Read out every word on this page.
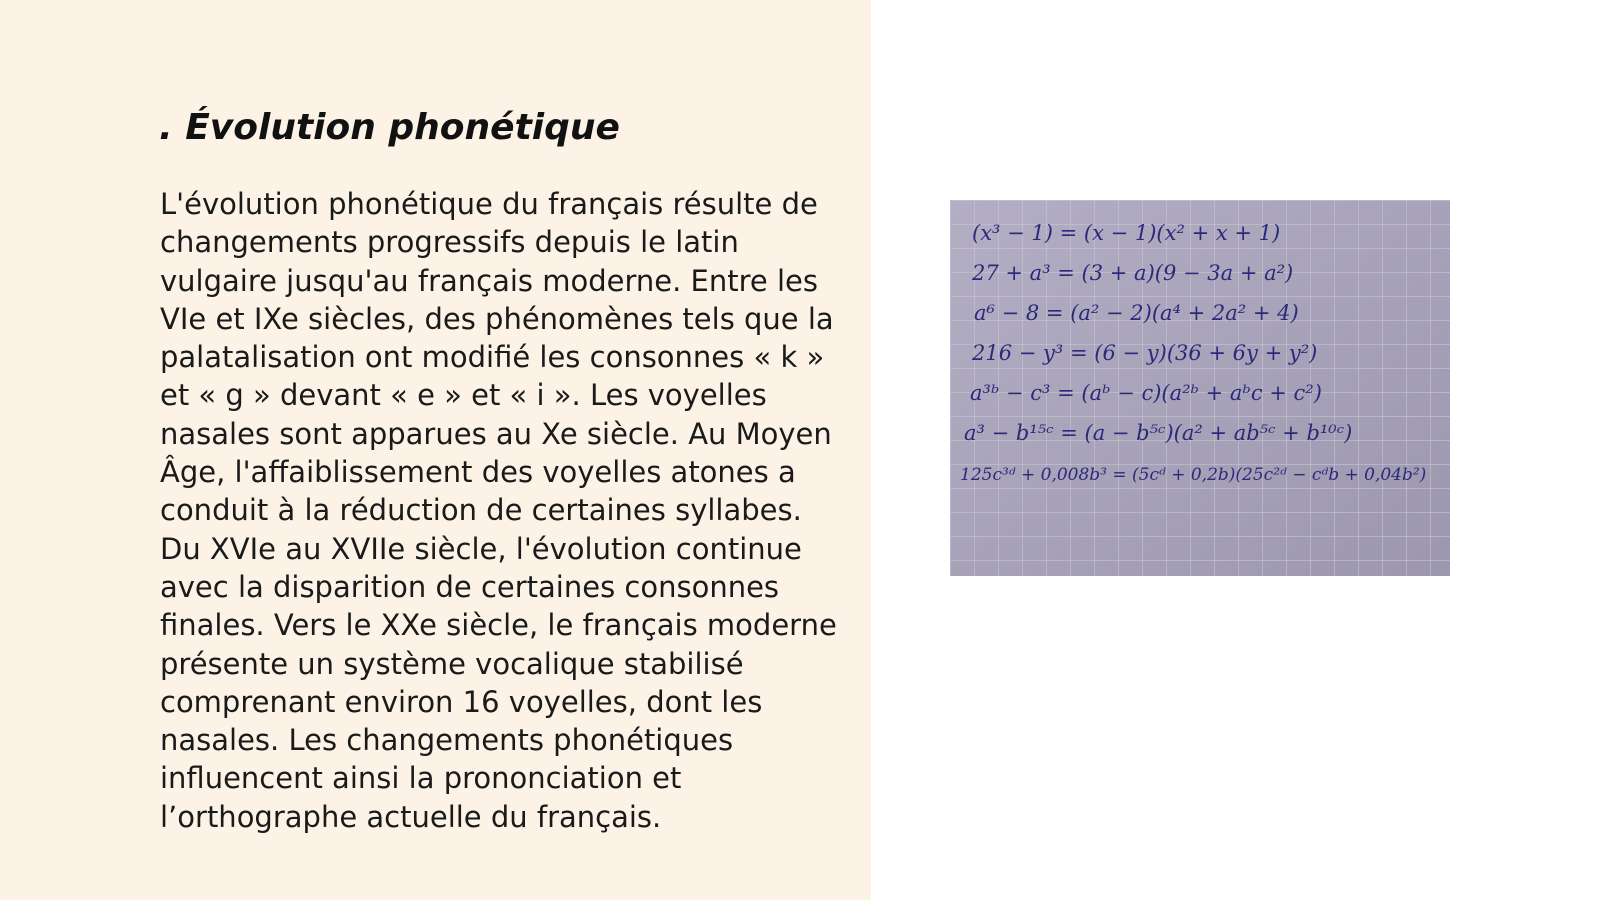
. Évolution phonétique

L'évolution phonétique du français résulte de changements progressifs depuis le latin vulgaire jusqu'au français moderne. Entre les VIe et IXe siècles, des phénomènes tels que la palatalisation ont modifié les consonnes « k » et « g » devant « e » et « i ». Les voyelles nasales sont apparues au Xe siècle. Au Moyen Âge, l'affaiblissement des voyelles atones a conduit à la réduction de certaines syllabes. Du XVIe au XVIIe siècle, l'évolution continue avec la disparition de certaines consonnes finales. Vers le XXe siècle, le français moderne présente un système vocalique stabilisé comprenant environ 16 voyelles, dont les nasales. Les changements phonétiques influencent ainsi la prononciation et l’orthographe actuelle du français.

(x³ − 1) = (x − 1)(x² + x + 1)
27 + a³ = (3 + a)(9 − 3a + a²)
a⁶ − 8 = (a² − 2)(a⁴ + 2a² + 4)
216 − y³ = (6 − y)(36 + 6y + y²)
a³ᵇ − c³ = (aᵇ − c)(a²ᵇ + aᵇc + c²)
a³ − b¹⁵ᶜ = (a − b⁵ᶜ)(a² + ab⁵ᶜ + b¹⁰ᶜ)
125c³ᵈ + 0,008b³ = (5cᵈ + 0,2b)(25c²ᵈ − cᵈb + 0,04b²)
